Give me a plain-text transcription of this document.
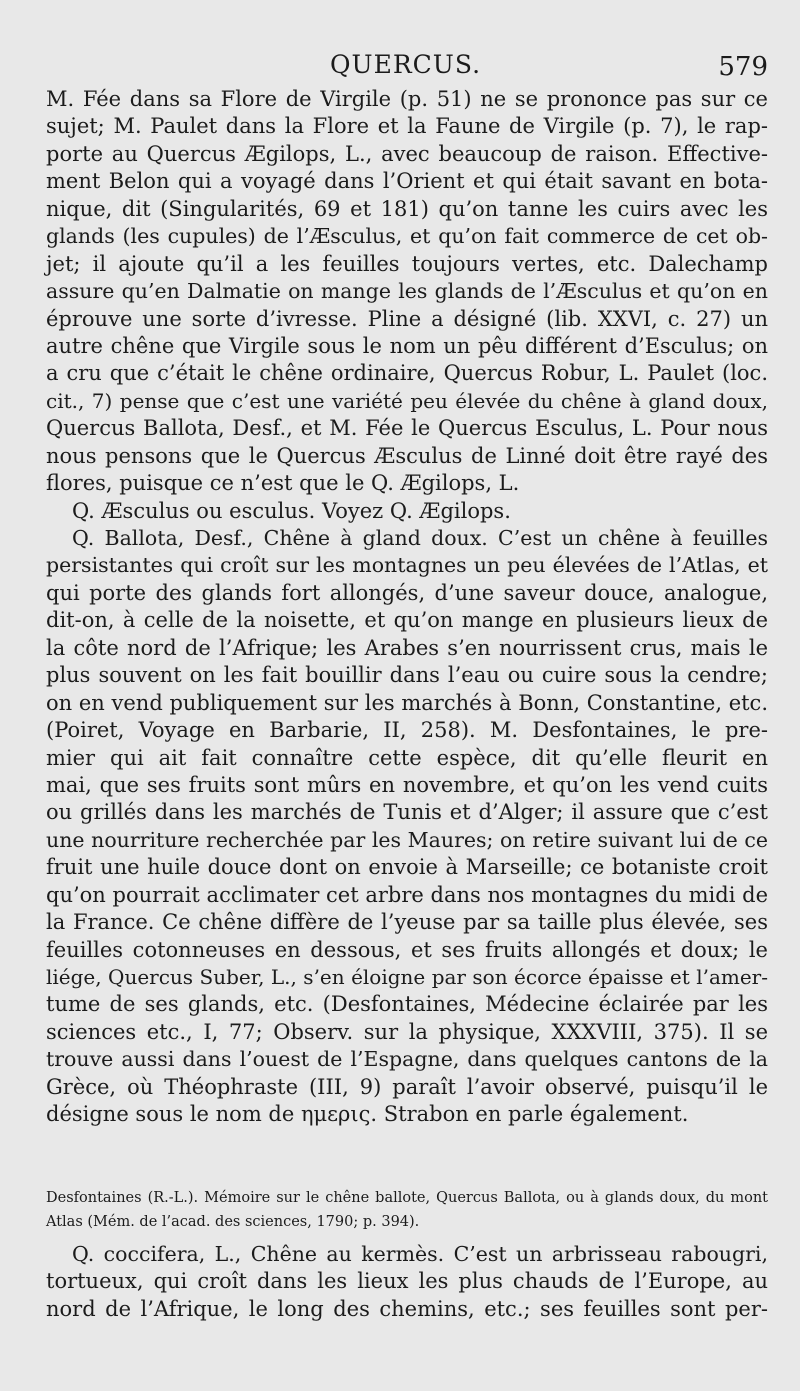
QUERCUS.	579
M. Fée dans sa Flore de Virgile (p. 51) ne se prononce pas sur ce
sujet; M. Paulet dans la Flore et la Faune de Virgile (p. 7), le rap-
porte au Quercus Ægilops, L., avec beaucoup de raison. Effective-
ment Belon qui a voyagé dans l’Orient et qui était savant en bota-
nique, dit (Singularités, 69 et 181) qu’on tanne les cuirs avec les
glands (les cupules) de l’Æsculus, et qu’on fait commerce de cet ob-
jet; il ajoute qu’il a les feuilles toujours vertes, etc. Dalechamp
assure qu’en Dalmatie on mange les glands de l’Æsculus et qu’on en
éprouve une sorte d’ivresse. Pline a désigné (lib. XXVI, c. 27) un
autre chêne que Virgile sous le nom un pêu différent d’Esculus; on
a cru que c’était le chêne ordinaire, Quercus Robur, L. Paulet (loc.
cit., 7) pense que c’est une variété peu élevée du chêne à gland doux,
Quercus Ballota, Desf., et M. Fée le Quercus Esculus, L. Pour nous
nous pensons que le Quercus Æsculus de Linné doit être rayé des
flores, puisque ce n’est que le Q. Ægilops, L.
Q. Æsculus ou esculus. Voyez Q. Ægilops.
Q. Ballota, Desf., Chêne à gland doux. C’est un chêne à feuilles
persistantes qui croît sur les montagnes un peu élevées de l’Atlas, et
qui porte des glands fort allongés, d’une saveur douce, analogue,
dit-on, à celle de la noisette, et qu’on mange en plusieurs lieux de
la côte nord de l’Afrique; les Arabes s’en nourrissent crus, mais le
plus souvent on les fait bouillir dans l’eau ou cuire sous la cendre;
on en vend publiquement sur les marchés à Bonn, Constantine, etc.
(Poiret, Voyage en Barbarie, II, 258). M. Desfontaines, le pre-
mier qui ait fait connaître cette espèce, dit qu’elle fleurit en
mai, que ses fruits sont mûrs en novembre, et qu’on les vend cuits
ou grillés dans les marchés de Tunis et d’Alger; il assure que c’est
une nourriture recherchée par les Maures; on retire suivant lui de ce
fruit une huile douce dont on envoie à Marseille; ce botaniste croit
qu’on pourrait acclimater cet arbre dans nos montagnes du midi de
la France. Ce chêne diffère de l’yeuse par sa taille plus élevée, ses
feuilles cotonneuses en dessous, et ses fruits allongés et doux; le
liége, Quercus Suber, L., s’en éloigne par son écorce épaisse et l’amer-
tume de ses glands, etc. (Desfontaines, Médecine éclairée par les
sciences etc., I, 77; Observ. sur la physique, XXXVIII, 375). Il se
trouve aussi dans l’ouest de l’Espagne, dans quelques cantons de la
Grèce, où Théophraste (III, 9) paraît l’avoir observé, puisqu’il le
désigne sous le nom de ημερις. Strabon en parle également.
Desfontaines (R.-L.). Mémoire sur le chêne ballote, Quercus Ballota, ou à glands doux, du mont
Atlas (Mém. de l’acad. des sciences, 1790; p. 394).
Q. coccifera, L., Chêne au kermès. C’est un arbrisseau rabougri,
tortueux, qui croît dans les lieux les plus chauds de l’Europe, au
nord de l’Afrique, le long des chemins, etc.; ses feuilles sont per-
